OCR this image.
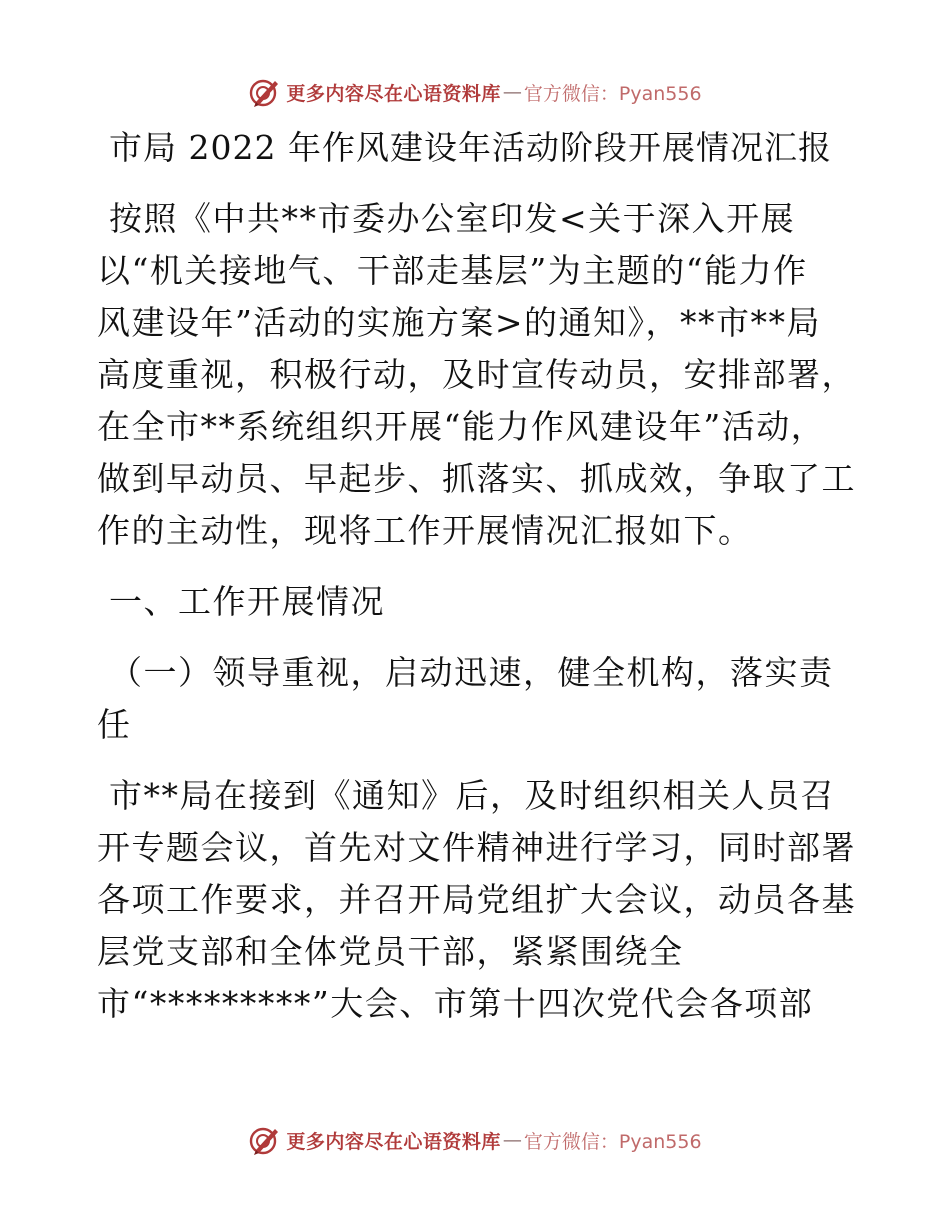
更多内容尽在心语资料库 — 官方微信：Pyan556
市局 2022 年作风建设年活动阶段开展情况汇报
按照《中共**市委办公室印发<关于深入开展
以“机关接地气、干部走基层”为主题的“能力作
风建设年”活动的实施方案>的通知》，**市**局
高度重视，积极行动，及时宣传动员，安排部署，
在全市**系统组织开展“能力作风建设年”活动，
做到早动员、早起步、抓落实、抓成效，争取了工
作的主动性，现将工作开展情况汇报如下。
一、工作开展情况
（一）领导重视，启动迅速，健全机构，落实责
任
市**局在接到《通知》后，及时组织相关人员召
开专题会议，首先对文件精神进行学习，同时部署
各项工作要求，并召开局党组扩大会议，动员各基
层党支部和全体党员干部，紧紧围绕全
市“*********”大会、市第十四次党代会各项部
更多内容尽在心语资料库 — 官方微信：Pyan556
